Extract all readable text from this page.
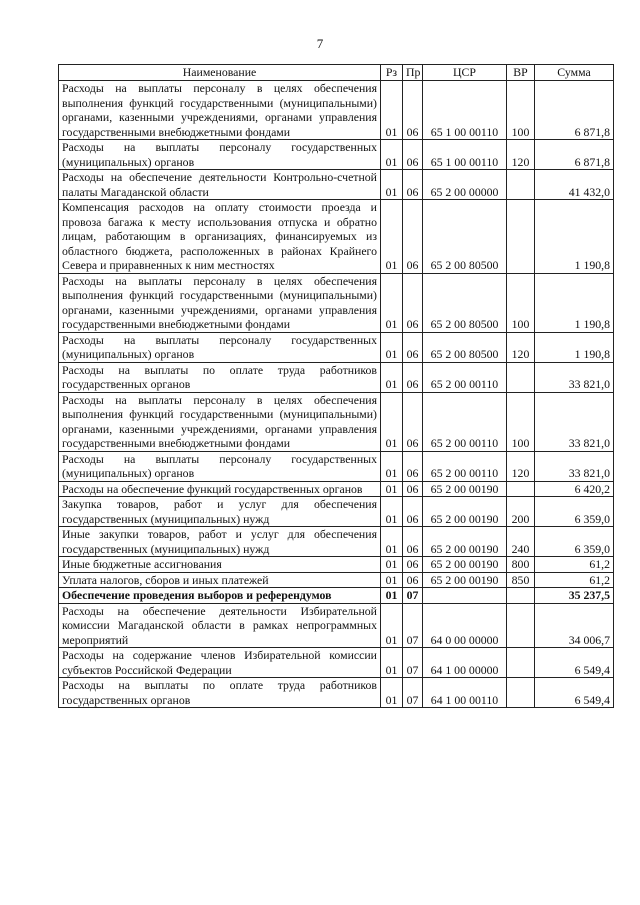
7
Наименование	Рз	Пр	ЦСР	ВР	Сумма
Расходы на выплаты персоналу в целях обеспечения выполнения функций государственными (муниципальными) органами, казенными учреждениями, органами управления государственными внебюджетными фондами	01	06	65 1 00 00110	100	6 871,8
Расходы на выплаты персоналу государственных (муниципальных) органов	01	06	65 1 00 00110	120	6 871,8
Расходы на обеспечение деятельности Контрольно-счетной палаты Магаданской области	01	06	65 2 00 00000		41 432,0
Компенсация расходов на оплату стоимости проезда и провоза багажа к месту использования отпуска и обратно лицам, работающим в организациях, финансируемых из областного бюджета, расположенных в районах Крайнего Севера и приравненных к ним местностях	01	06	65 2 00 80500		1 190,8
Расходы на выплаты персоналу в целях обеспечения выполнения функций государственными (муниципальными) органами, казенными учреждениями, органами управления государственными внебюджетными фондами	01	06	65 2 00 80500	100	1 190,8
Расходы на выплаты персоналу государственных (муниципальных) органов	01	06	65 2 00 80500	120	1 190,8
Расходы на выплаты по оплате труда работников государственных органов	01	06	65 2 00 00110		33 821,0
Расходы на выплаты персоналу в целях обеспечения выполнения функций государственными (муниципальными) органами, казенными учреждениями, органами управления государственными внебюджетными фондами	01	06	65 2 00 00110	100	33 821,0
Расходы на выплаты персоналу государственных (муниципальных) органов	01	06	65 2 00 00110	120	33 821,0
Расходы на обеспечение функций государственных органов	01	06	65 2 00 00190		6 420,2
Закупка товаров, работ и услуг для обеспечения государственных (муниципальных) нужд	01	06	65 2 00 00190	200	6 359,0
Иные закупки товаров, работ и услуг для обеспечения государственных (муниципальных) нужд	01	06	65 2 00 00190	240	6 359,0
Иные бюджетные ассигнования	01	06	65 2 00 00190	800	61,2
Уплата налогов, сборов и иных платежей	01	06	65 2 00 00190	850	61,2
Обеспечение проведения выборов и референдумов	01	07			35 237,5
Расходы на обеспечение деятельности Избирательной комиссии Магаданской области в рамках непрограммных мероприятий	01	07	64 0 00 00000		34 006,7
Расходы на содержание членов Избирательной комиссии субъектов Российской Федерации	01	07	64 1 00 00000		6 549,4
Расходы на выплаты по оплате труда работников государственных органов	01	07	64 1 00 00110		6 549,4
